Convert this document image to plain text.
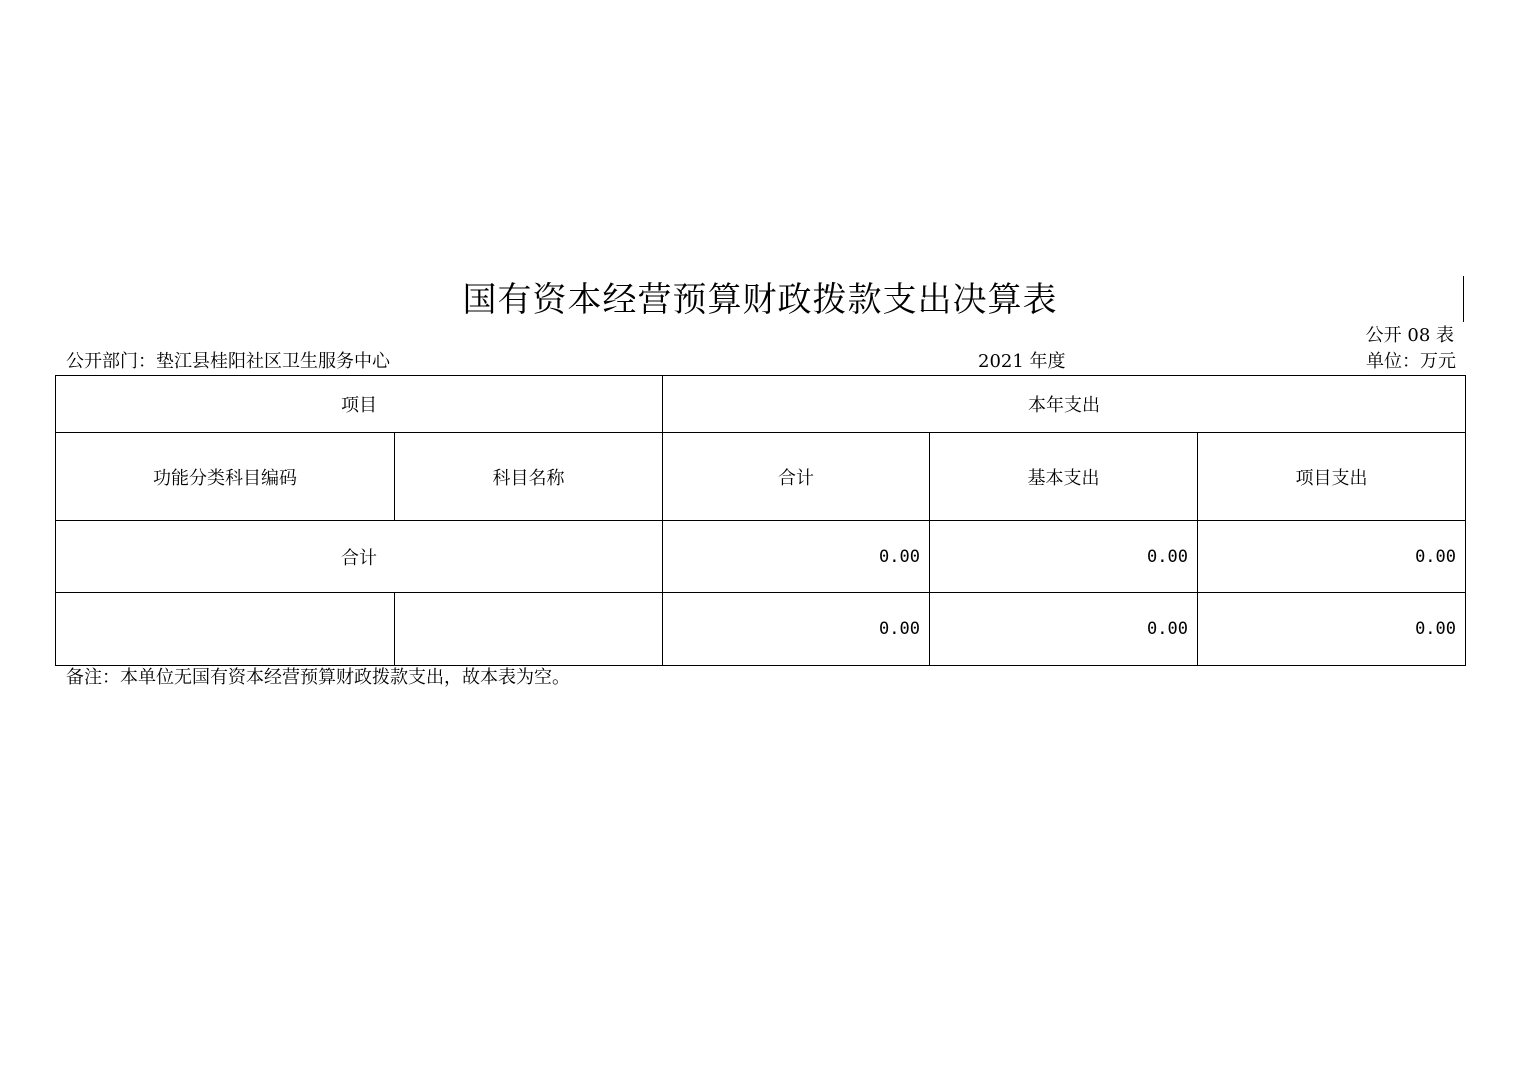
国有资本经营预算财政拨款支出决算表
公开 08 表
公开部门：垫江县桂阳社区卫生服务中心	2021 年度	单位：万元
项目		本年支出		
功能分类科目编码	科目名称	合计	基本支出	项目支出
合计		0.00	0.00	0.00
		0.00	0.00	0.00
备注：本单位无国有资本经营预算财政拨款支出，故本表为空。
